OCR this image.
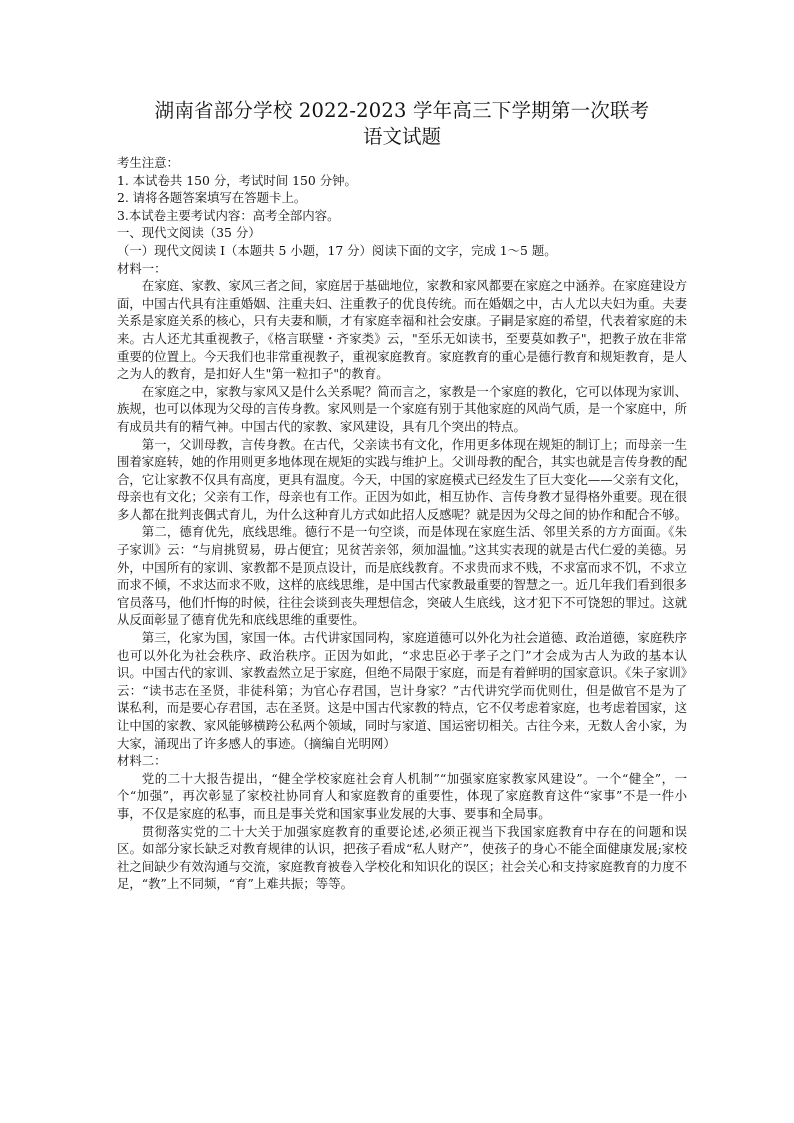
湖南省部分学校 2022-2023 学年高三下学期第一次联考
语文试题

考生注意：

1. 本试卷共 150 分，考试时间 150 分钟。

2. 请将各题答案填写在答题卡上。

3.本试卷主要考试内容：高考全部内容。

一、现代文阅读（35 分）

（一）现代文阅读 I（本题共 5 小题，17 分）阅读下面的文字，完成 1～5 题。

材料一：

在家庭、家教、家风三者之间，家庭居于基础地位，家教和家风都要在家庭之中涵养。在家庭建设方面，中国古代具有注重婚姻、注重夫妇、注重教子的优良传统。而在婚姻之中，古人尤以夫妇为重。夫妻关系是家庭关系的核心，只有夫妻和顺，才有家庭幸福和社会安康。子嗣是家庭的希望，代表着家庭的未来。古人还尤其重视教子，《格言联璧・齐家类》云，"至乐无如读书，至要莫如教子"，把教子放在非常重要的位置上。今天我们也非常重视教子，重视家庭教育。家庭教育的重心是德行教育和规矩教育，是人之为人的教育，是扣好人生"第一粒扣子"的教育。

在家庭之中，家教与家风又是什么关系呢？简而言之，家教是一个家庭的教化，它可以体现为家训、族规，也可以体现为父母的言传身教。家风则是一个家庭有别于其他家庭的风尚气质，是一个家庭中，所有成员共有的精气神。中国古代的家教、家风建设，具有几个突出的特点。

第一，父训母教，言传身教。在古代，父亲读书有文化，作用更多体现在规矩的制订上；而母亲一生围着家庭转，她的作用则更多地体现在规矩的实践与维护上。父训母教的配合，其实也就是言传身教的配合，它让家教不仅具有高度，更具有温度。今天，中国的家庭模式已经发生了巨大变化——父亲有文化，母亲也有文化；父亲有工作，母亲也有工作。正因为如此，相互协作、言传身教才显得格外重要。现在很多人都在批判丧偶式育儿，为什么这种育儿方式如此招人反感呢？就是因为父母之间的协作和配合不够。

第二，德育优先，底线思维。德行不是一句空谈，而是体现在家庭生活、邻里关系的方方面面。《朱子家训》云：“与肩挑贸易，毋占便宜；见贫苦亲邻，须加温恤。”这其实表现的就是古代仁爱的美德。另外，中国所有的家训、家教都不是顶点设计，而是底线教育。不求贵而求不贱，不求富而求不饥，不求立而求不倾，不求达而求不败，这样的底线思维，是中国古代家教最重要的智慧之一。近几年我们看到很多官员落马，他们忏悔的时候，往往会谈到丧失理想信念，突破人生底线，这才犯下不可饶恕的罪过。这就从反面彰显了德育优先和底线思维的重要性。

第三，化家为国，家国一体。古代讲家国同构，家庭道德可以外化为社会道德、政治道德，家庭秩序也可以外化为社会秩序、政治秩序。正因为如此，“求忠臣必于孝子之门”才会成为古人为政的基本认识。中国古代的家训、家教盍然立足于家庭，但绝不局限于家庭，而是有着鲜明的国家意识。《朱子家训》云：“读书志在圣贤，非徒科第；为官心存君国，岂计身家？”古代讲究学而优则仕，但是做官不是为了谋私利，而是要心存君国，志在圣贤。这是中国古代家教的特点，它不仅考虑着家庭，也考虑着国家，这让中国的家教、家风能够横跨公私两个领域，同时与家道、国运密切相关。古往今来，无数人舍小家，为大家，涌现出了许多感人的事迹。（摘编自光明网）

材料二：

党的二十大报告提出，“健全学校家庭社会育人机制”“加强家庭家教家风建设”。一个“健全”，一个“加强”，再次彰显了家校社协同育人和家庭教育的重要性，体现了家庭教育这件“家事”不是一件小事，不仅是家庭的私事，而且是事关党和国家事业发展的大事、要事和全局事。

贯彻落实党的二十大关于加强家庭教育的重要论述,必须正视当下我国家庭教育中存在的问题和误区。如部分家长缺乏对教育规律的认识，把孩子看成“私人财产”，使孩子的身心不能全面健康发展;家校社之间缺少有效沟通与交流，家庭教育被卷入学校化和知识化的误区；社会关心和支持家庭教育的力度不足，“教”上不同频，“育”上难共振；等等。
